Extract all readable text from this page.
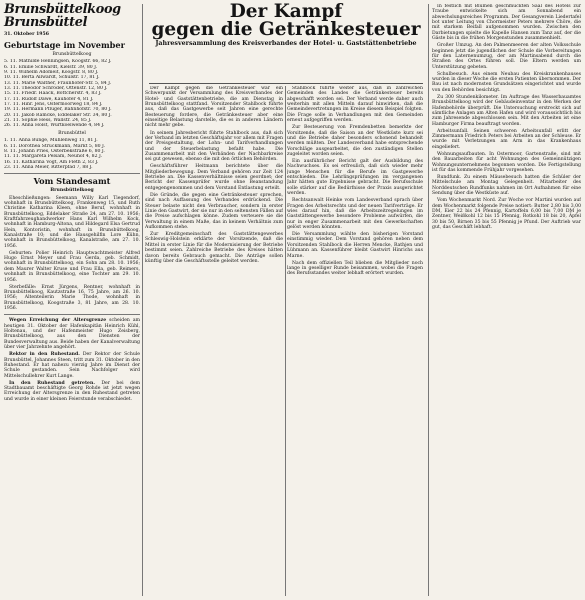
Brunsbüttelkoog
Brunsbüttel
31. Oktober 1956
Geburtstage im November
Brunsbüttelkoog
5. 11. Mathilde Henningsen, Koogstr. 66, 82 J.
6. 11. Emilie Schwardt, Kielstr. 39, 80 J.
9. 11. Wilhelm Adomeit, Koogstr. 8, 80 J.
10. 11. Berta Allwardt, Schulstr. 17, 81 J.
13. 11. Marie Walther, Fraunhofer-Str. 5, 84 J.
13. 11. Theodor Schröder, Ottenstr. 12, 80 J.
15. 11. Friedr. Haack, Böttcherstr. 4, 83 J.
17. 11. Rudolf Dawe, Kauhöfer 4, 81 J.
17. 11. Hinr. Jens, Ostermoorweg 18, 84 J.
19. 11. Hermann Pflüger, Bahnhofstr. 70, 80 J.
20. 11. Jakob Ramcke, Eddelaker Str. 34, 80 J.
21. 11. Sophie Hess, Wallstr. 24, 85 J.
26. 11. Anna Holst, Wurtkoelwende 4, 84 J.
Brunsbüttel
1. 11. Anna Bunge, Mühlenweg 11, 81 J.
6. 11. Dorothea Struckmann, Markt 5, 80 J.
8. 11. Johann Pries, Osterbekstraße 6, 80 J.
11. 11. Margareta Pelsam, Neuhof 4, 82 J.
16. 11. Katharina Vogt, Am Fleth 2, 83 J.
23. 11. Anna Meier, Ritterpfad 7, 88 J.
Vom Standesamt
Brunsbüttelkoog

Eheschließungen: Seemann Willy Karl Tiegendorf, wohnhaft in Brunsbüttelkoog, Frankenweg 15, und Ruth Christine Katharina Kleen, ohne Beruf, wohnhaft in Brunsbüttelkoog, Eddelaker Straße 24, am 27. 10. 1956; Kraftfahrzeughandwerker Hans Karl Wilhelm Kock, wohnhaft in Hamburg-Altona, und Hildegard Elsa Gertrud Hein, Kontoristin, wohnhaft in Brunsbüttelkoog, Kanalstraße 10; und die Hausgehilfin Lore Kühn, wohnhaft in Brunsbüttelkoog, Kanalstraße, am 27. 10. 1956.

Geburten: Polier Heinrich Hauptwachtmeister Alfred Hugo Ernst Meyer und Frau Gerda, geb. Schmidt, wohnhaft in Brunsbüttelkoog, ein Sohn am 28. 10. 1956; dem Maurer Walter Kruse und Frau Ella, geb. Reimers, wohnhaft in Brunsbüttelkoog, eine Tochter am 29. 10. 1956.

Sterbefälle: Ernst Jürgens, Rentner, wohnhaft in Brunsbüttelkoog, Kautzstraße 16, 75 Jahre, am 26. 10. 1956; Altenteilerin Marie Thode, wohnhaft in Brunsbüttelkoog, Koogstraße 3, 81 Jahre, am 28. 10. 1956.

Wegen Erreichung der Altersgrenze scheiden am heutigen 31. Oktober der Hafenkapitän Heinrich Kühl, Holtenau, und der Hafenmeister Hugo Zeisberg, Brunsbüttelkoog, aus den Diensten der Bundesverwaltung aus. Beide haben der Kanalverwaltung über vier Jahrzehnte angehört.

Rektor in den Ruhestand. Der Rektor der Schule Brunsbüttel, Johannes Steen, tritt zum 31. Oktober in den Ruhestand. Er hat nahezu vierzig Jahre im Dienst der Schule gestanden. Sein Nachfolger wird Mittelschullehrer Kurt Lange.

In den Ruhestand getreten. Der bei dem Stadtbauamt beschäftigte Georg Rohde ist jetzt wegen Erreichung der Altersgrenze in den Ruhestand getreten und wurde in einer kleinen Feierstunde verabschiedet.

Der Kampf
gegen die Getränkesteuer
Jahresversammlung des Kreisverbandes der Hotel- u. Gaststättenbetriebe

Der Kampf gegen die Getränkesteuer war ein Schwerpunkt der Versammlung des Kreisverbandes der Hotel- und Gaststättenbetriebe, die am Dienstag in Brunsbüttelkoog stattfand. Vorsitzender Stahlbock führte aus, daß das Gastgewerbe seit Jahren eine gerechte Besteuerung fordere, die Getränkesteuer aber eine einseitige Belastung darstelle, die es in anderen Ländern nicht mehr gebe.

In seinem Jahresbericht führte Stahlbock aus, daß sich der Verband im letzten Geschäftsjahr vor allem mit Fragen der Preisgestaltung, der Lohn- und Tarifverhandlungen und der Steuerbelastung befaßt habe. Die Zusammenarbeit mit den Verbänden der Nachbarkreise sei gut gewesen, ebenso die mit den örtlichen Behörden.

Geschäftsführer Heitmann berichtete über die Mitgliederbewegung. Dem Verband gehören zur Zeit 124 Betriebe an. Die Kassenverhältnisse seien geordnet; der Bericht der Kassenprüfer wurde ohne Beanstandung entgegengenommen und dem Vorstand Entlastung erteilt.

Die Gründe, die gegen eine Getränkesteuer sprechen, sind nach Auffassung des Verbandes erdrückend. Die Steuer belaste nicht den Verbraucher, sondern in erster Linie den Gastwirt, der sie nur in den seltensten Fällen auf die Preise aufschlagen könne. Zudem verteuere sie die Verwaltung in einem Maße, das in keinem Verhältnis zum Aufkommen stehe.

Zur Kreditgemeinschaft des Gaststättengewerbes Schleswig-Holstein erklärte der Vorsitzende, daß die Mittel in erster Linie für die Modernisierung der Betriebe bestimmt seien. Zahlreiche Betriebe des Kreises hätten davon bereits Gebrauch gemacht. Die Anträge sollen künftig über die Geschäftsstelle geleitet werden.

Stahlbock führte weiter aus, daß in zahlreichen Gemeinden des Landes die Getränkesteuer bereits abgeschafft worden sei. Der Verband werde daher auch weiterhin mit allen Mitteln darauf hinwirken, daß die Gemeindevertretungen im Kreise diesem Beispiel folgten. Die Frage solle in Verhandlungen mit den Gemeinden erneut aufgegriffen werden.

Zur Besteuerung von Fremdenbetten bemerkte der Vorsitzende, daß die Saison an der Westküste kurz sei und die Betriebe daher besonders schonend behandelt werden müßten. Der Landesverband habe entsprechende Vorschläge ausgearbeitet, die den zuständigen Stellen zugeleitet worden seien.

Ein ausführlicher Bericht galt der Ausbildung des Nachwuchses. Es sei erfreulich, daß sich wieder mehr junge Menschen für die Berufe im Gastgewerbe entschieden. Die Lehrlingsprüfungen im vergangenen Jahr hätten gute Ergebnisse gebracht. Die Berufsschule solle stärker auf die Bedürfnisse der Praxis ausgerichtet werden.

Rechtsanwalt Heinke vom Landesverband sprach über Fragen des Arbeitsrechts und der neuen Tarifverträge. Er wies darauf hin, daß die Arbeitszeitregelungen im Gaststättengewerbe besondere Probleme aufwürfen, die nur in enger Zusammenarbeit mit den Gewerkschaften gelöst werden könnten.

Die Versammlung wählte den bisherigen Vorstand einstimmig wieder. Dem Vorstand gehören neben dem Vorsitzenden Stahlbock die Herren Mencke, Rathjen und Lühmann an. Kassenführer bleibt Gastwirt Hinrichs aus Marne.

Nach dem offiziellen Teil blieben die Mitglieder noch lange in geselliger Runde beisammen, wobei die Fragen des Berufsstandes weiter lebhaft erörtert wurden.

In festlich mit Blumen geschmückten Saal des Hotels zur Traube entwickelte sich am Sonnabend ein abwechslungsreiches Programm. Der Gesangverein Liedertafel bot unter Leitung von Chormeister Peters mehrere Chöre, die mit starkem Beifall aufgenommen wurden. Zwischen den Darbietungen spielte die Kapelle Hansen zum Tanz auf, der die Gäste bis in die frühen Morgenstunden zusammenhielt.

Großer Umzug. An den Palmenmeeren der alten Volksschule beginnen jetzt die jugendlichen der Schule die Vorbereitungen für den Laternenumzug, der am Martinsabend durch die Straßen des Ortes führen soll. Die Eltern werden um Unterstützung gebeten.

Schulbesuch. Aus einem Neubau des Kreiskrankenhauses wurden in dieser Woche die ersten Patienten übernommen. Der Bau ist nach modernsten Grundsätzen eingerichtet und wurde von den Behörden besichtigt.

Zu 300 Stundenkilometer. Im Auftrage des Wasserbauamtes Brunsbüttelkoog wird der Gebäudeinventar in den Werken der Hafenbehörde überprüft. Die Untersuchung erstreckt sich auf sämtliche Anlagen am Alten Hafen und wird voraussichtlich bis zum Jahresende abgeschlossen sein. Mit den Arbeiten ist eine Hamburger Firma beauftragt worden.

Arbeitsunfall. Seinen schweren Arbeitsunfall erlitt der Zimmermann Friedrich Peters bei Arbeiten an der Schleuse. Er wurde mit Verletzungen am Arm in das Krankenhaus eingeliefert.

Wohnungsaufbauten. In Ostermoor, Gartenstraße, sind mit den Bauarbeiten für acht Wohnungen des Gemeinnützigen Wohnungsunternehmens begonnen worden. Die Fertigstellung ist für das kommende Frühjahr vorgesehen.

Rundfunk. Zu einem Mäusebesuch hatten die Schüler der Mittelschule am Montag Gelegenheit. Mitarbeiter des Norddeutschen Rundfunks nahmen im Ort Aufnahmen für eine Sendung über die Westküste auf.

Vom Wochenmarkt Nord. Zur Woche vor Martini wurden auf dem Wochenmarkt folgende Preise notiert: Butter 2,80 bis 3,00 DM, Eier 22 bis 24 Pfennig, Kartoffeln 6,00 bis 7,00 DM je Zentner, Weißkohl 12 bis 15 Pfennig, Rotkohl 18 bis 20, Äpfel 30 bis 50, Birnen 35 bis 55 Pfennig je Pfund. Der Auftrieb war gut, das Geschäft lebhaft.
